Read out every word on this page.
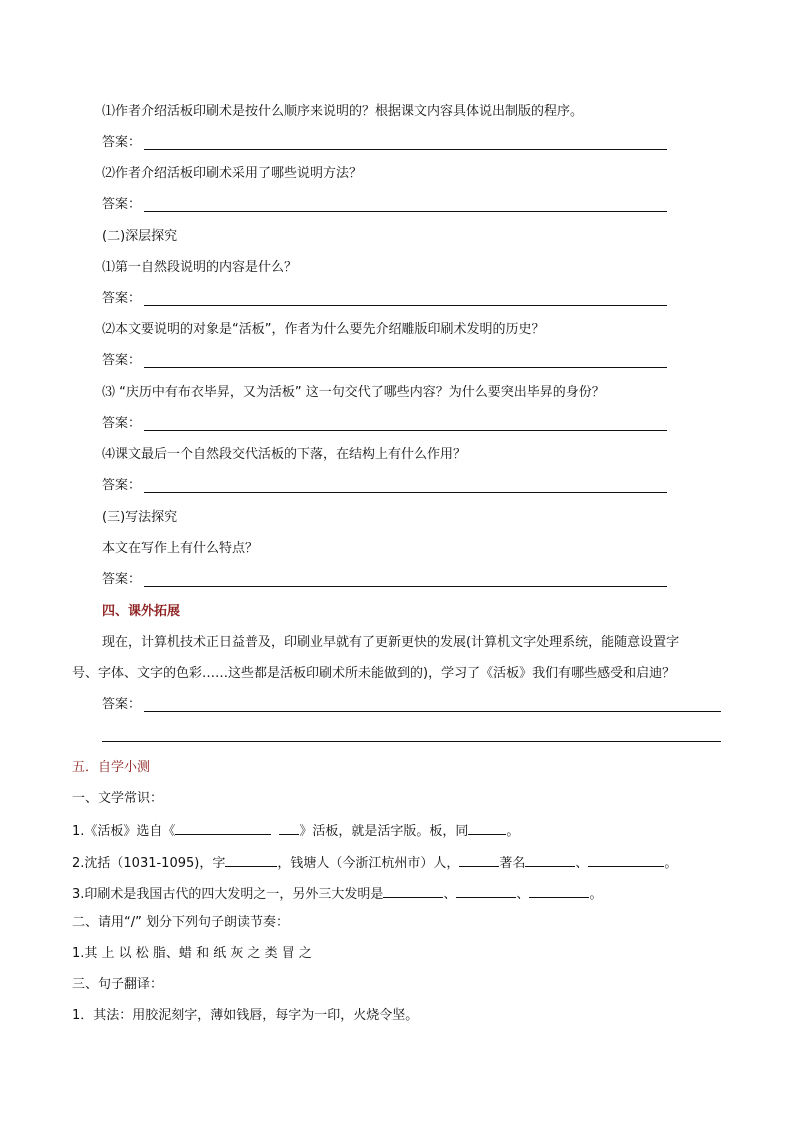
⑴作者介绍活板印刷术是按什么顺序来说明的？根据课文内容具体说出制版的程序。
答案：
⑵作者介绍活板印刷术采用了哪些说明方法？
答案：
(二)深层探究
⑴第一自然段说明的内容是什么？
答案：
⑵本文要说明的对象是“活板”，作者为什么要先介绍雕版印刷术发明的历史？
答案：
⑶ “庆历中有布衣毕昇，又为活板” 这一句交代了哪些内容？为什么要突出毕昇的身份？
答案：
⑷课文最后一个自然段交代活板的下落，在结构上有什么作用？
答案：
(三)写法探究
本文在写作上有什么特点？
答案：
四、课外拓展
现在，计算机技术正日益普及，印刷业早就有了更新更快的发展(计算机文字处理系统，能随意设置字
号、字体、文字的色彩……这些都是活板印刷术所未能做到的)，学习了《活板》我们有哪些感受和启迪？
答案：
五．自学小测
一、文学常识：
1.《活板》选自《	》活板，就是活字版。板，同	。
2.沈括（1031-1095)，字	，钱塘人（今浙江杭州市）人，	著名	、	。
3.印刷术是我国古代的四大发明之一，另外三大发明是	、	、	。
二、请用“/” 划分下列句子朗读节奏：
1.其 上 以 松 脂、蜡 和 纸 灰 之 类 冒 之
三、句子翻译：
1．其法：用胶泥刻字，薄如钱唇，每字为一印，火烧令坚。
